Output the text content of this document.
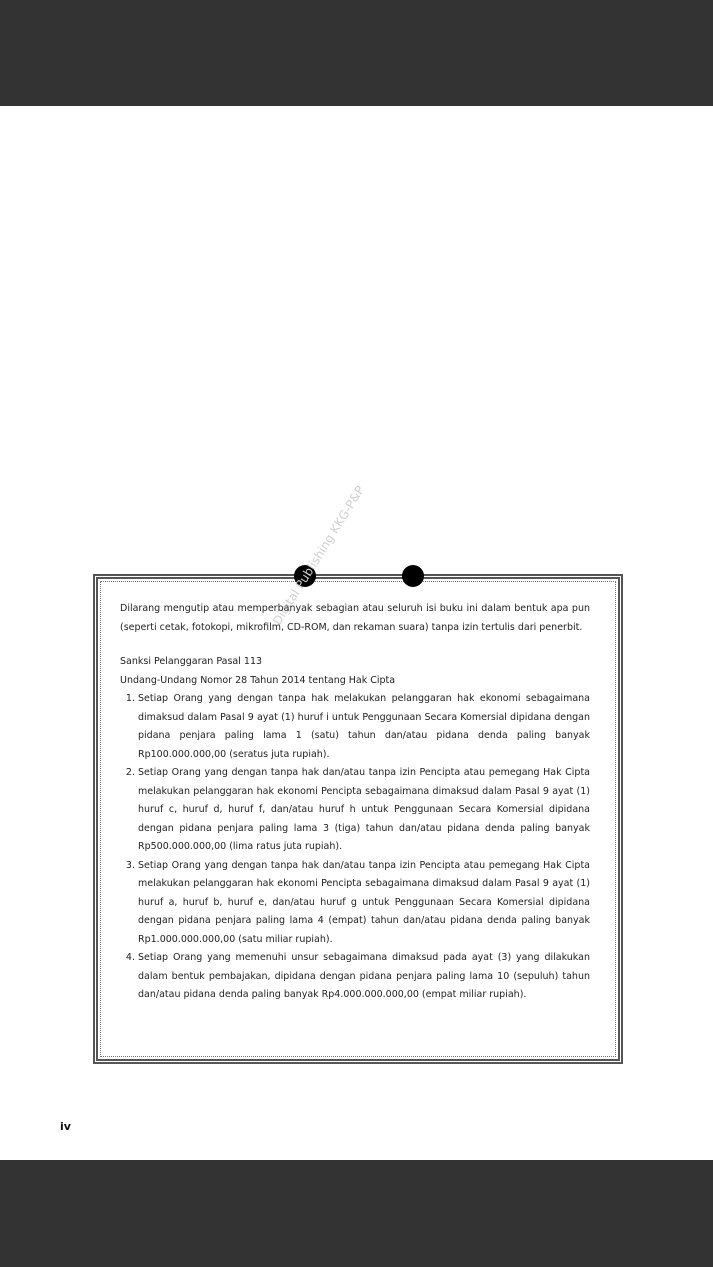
Digital Publishing KKG-P&P

Dilarang mengutip atau memperbanyak sebagian atau seluruh isi buku ini dalam bentuk apa pun (seperti cetak, fotokopi, mikrofilm, CD-ROM, dan rekaman suara) tanpa izin tertulis dari penerbit.

Sanksi Pelanggaran Pasal 113

Undang-Undang Nomor 28 Tahun 2014 tentang Hak Cipta

1. Setiap Orang yang dengan tanpa hak melakukan pelanggaran hak ekonomi sebagaimana dimaksud dalam Pasal 9 ayat (1) huruf i untuk Penggunaan Secara Komersial dipidana dengan pidana penjara paling lama 1 (satu) tahun dan/atau pidana denda paling banyak Rp100.000.000,00 (seratus juta rupiah).
2. Setiap Orang yang dengan tanpa hak dan/atau tanpa izin Pencipta atau pemegang Hak Cipta melakukan pelanggaran hak ekonomi Pencipta sebagaimana dimaksud dalam Pasal 9 ayat (1) huruf c, huruf d, huruf f, dan/atau huruf h untuk Penggunaan Secara Komersial dipidana dengan pidana penjara paling lama 3 (tiga) tahun dan/atau pidana denda paling banyak Rp500.000.000,00 (lima ratus juta rupiah).
3. Setiap Orang yang dengan tanpa hak dan/atau tanpa izin Pencipta atau pemegang Hak Cipta melakukan pelanggaran hak ekonomi Pencipta sebagaimana dimaksud dalam Pasal 9 ayat (1) huruf a, huruf b, huruf e, dan/atau huruf g untuk Penggunaan Secara Komersial dipidana dengan pidana penjara paling lama 4 (empat) tahun dan/atau pidana denda paling banyak Rp1.000.000.000,00 (satu miliar rupiah).
4. Setiap Orang yang memenuhi unsur sebagaimana dimaksud pada ayat (3) yang dilakukan dalam bentuk pembajakan, dipidana dengan pidana penjara paling lama 10 (sepuluh) tahun dan/atau pidana denda paling banyak Rp4.000.000.000,00 (empat miliar rupiah).
iv
